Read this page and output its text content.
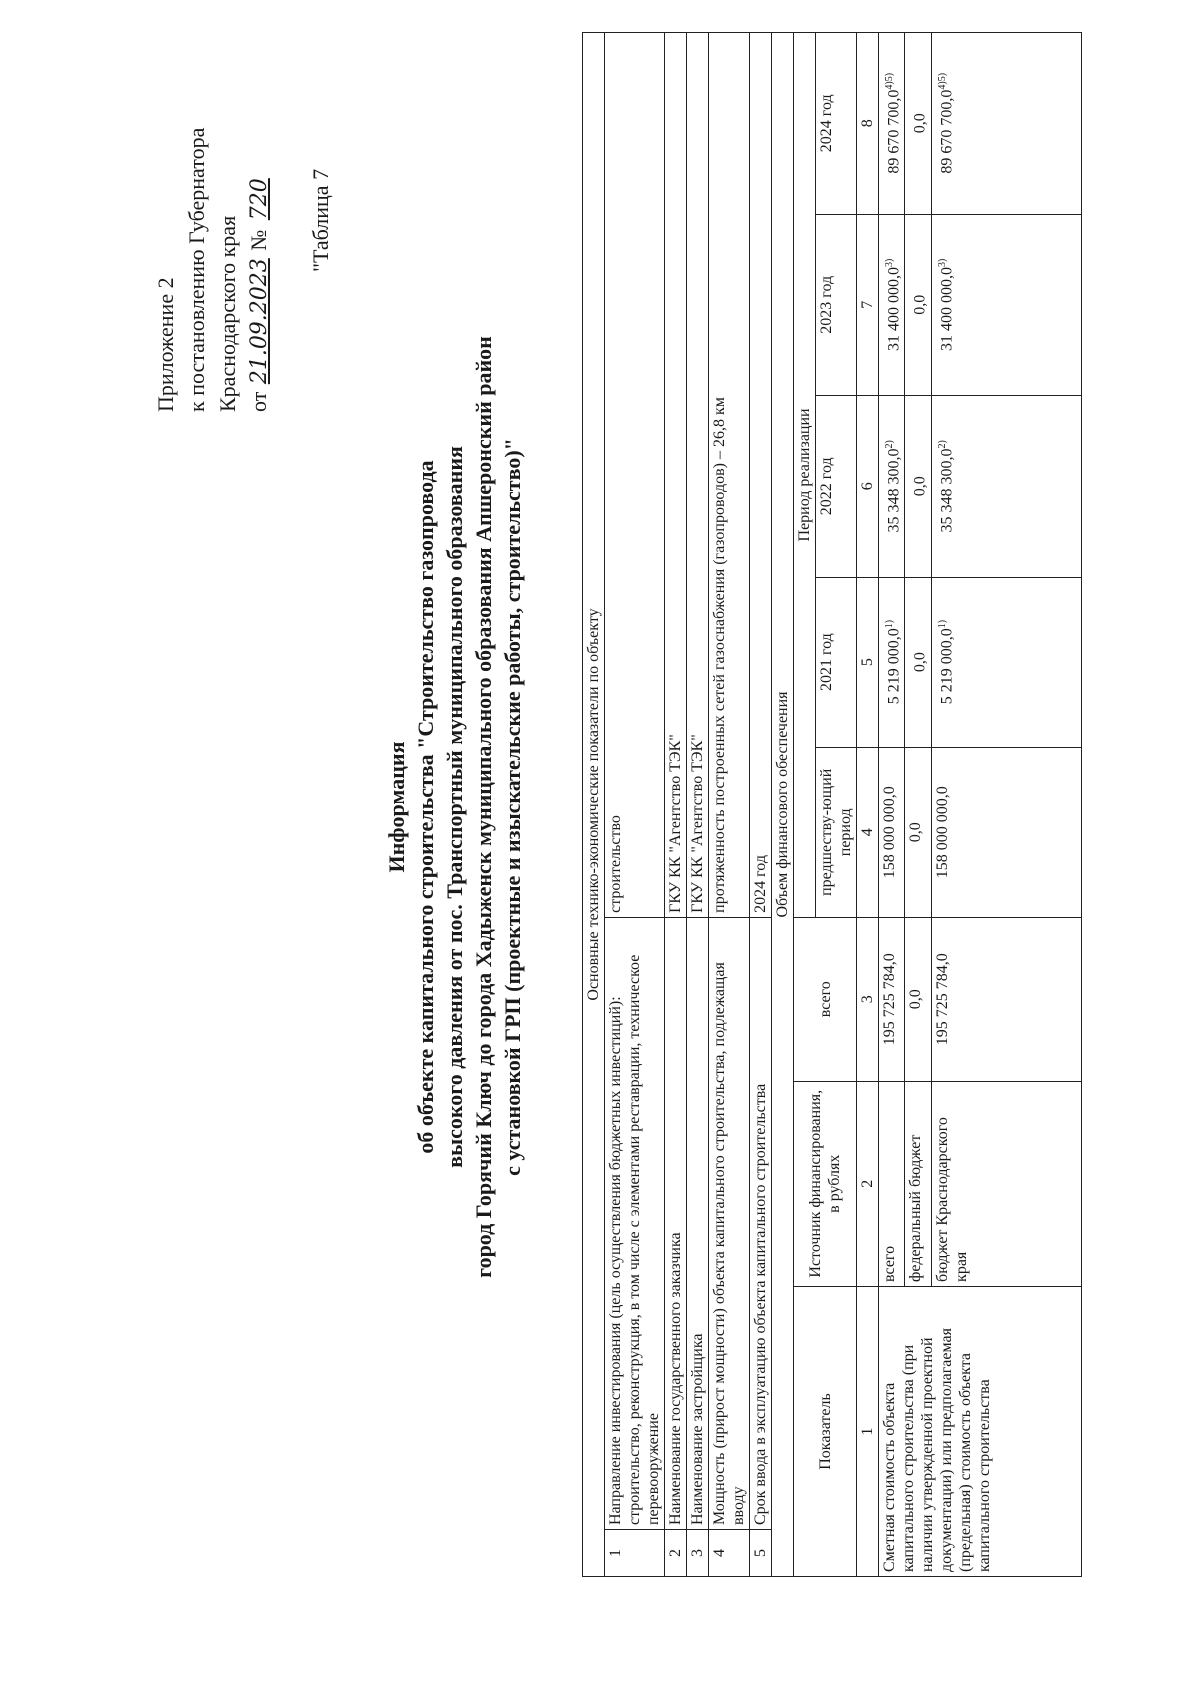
Приложение 2 к постановлению Губернатора Краснодарского края от 21.09.2023 № 720 "Таблица 7
Информация об объекте капитального строительства "Строительство газопровода высокого давления от пос. Транспортный муниципального образования город Горячий Ключ до города Хадыженск муниципального образования Апшеронский район с установкой ГРП (проектные и изыскательские работы, строительство)"	Основные технико-экономические показатели по объекту								
1	Направление инвестирования (цель осуществления бюджетных инвестиций): строительство, реконструкция, в том числе с элементами реставрации, техническое перевооружение			строительство				
2	Наименование государственного заказчика			ГКУ КК "Агентство ТЭК"				
3	Наименование застройщика			ГКУ КК "Агентство ТЭК"				
4	Мощность (прирост мощности) объекта капитального строительства, подлежащая вводу			протяженность построенных сетей газоснабжения (газопроводов) – 26,8 км				
5	Срок ввода в эксплуатацию объекта капитального строительства			2024 год				
Объем финансового обеспечения								
Показатель		Источник финансирования, в рублях	всего	Период реализации				
				предшеству-ющий период	2021 год	2022 год	2023 год	2024 год
1		2	3	4	5	6	7	8
Сметная стоимость объекта капитального строительства (при наличии утвержденной проектной документации) или предполагаемая (предельная) стоимость объекта капитального строительства		всего	195 725 784,0	158 000 000,0	5 219 000,0$^{1)}$	35 348 300,0$^{2)}$	31 400 000,0$^{3)}$	89 670 $700,0^{4)5)}$
		федеральный бюджет	0,0	0,0	0,0	0,0	0,0	0,0
		бюджет Краснодарского края	195 725 784,0	158 000 000,0	5 219 000,0$^{1)}$	35 348 300,0$^{2)}$	31 400 000,0$^{3)}$	89 670 $700,0^{4)5)}$
